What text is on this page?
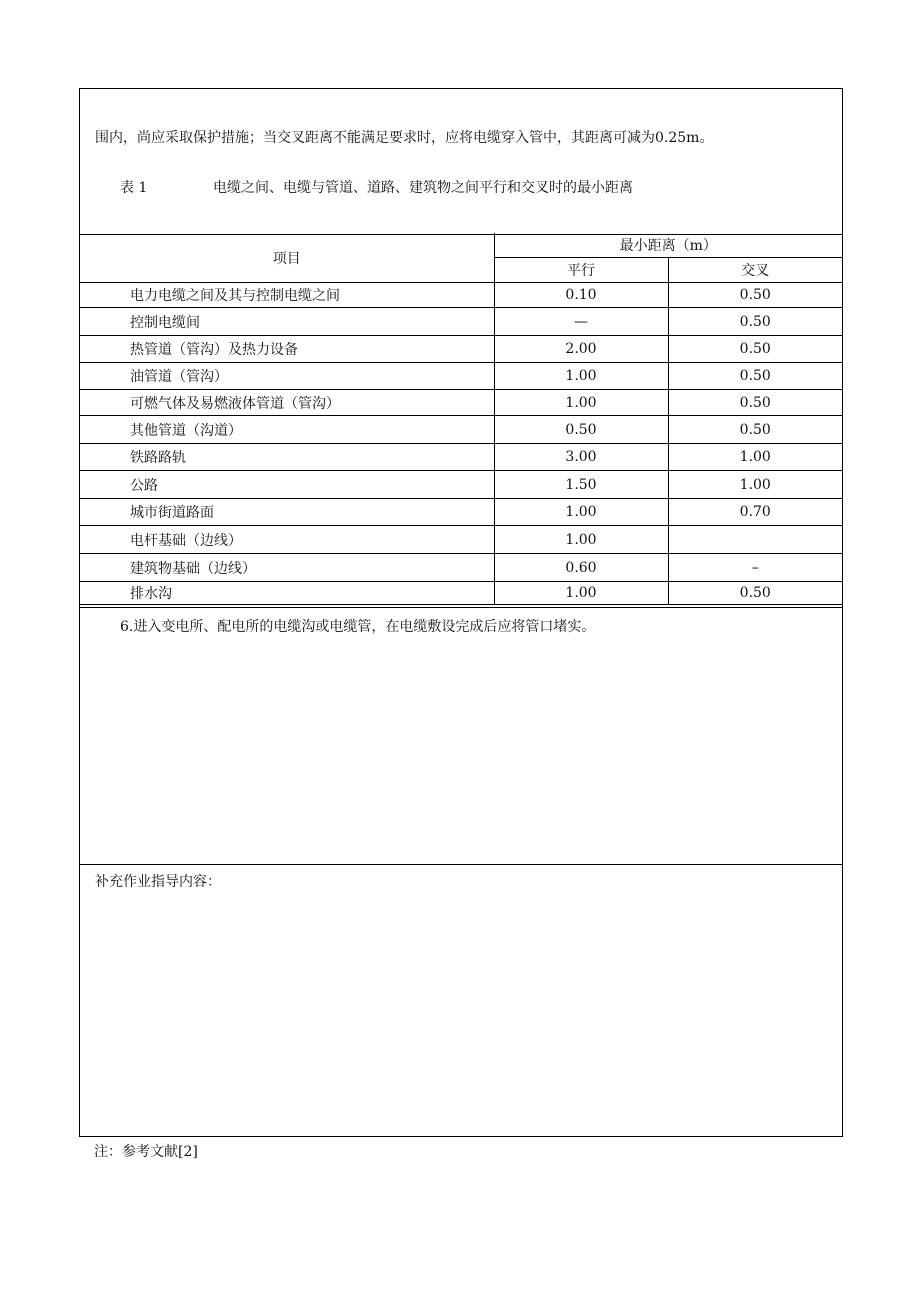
围内，尚应采取保护措施；当交叉距离不能满足要求时，应将电缆穿入管中，其距离可减为0.25m。
表 1	电缆之间、电缆与管道、道路、建筑物之间平行和交叉时的最小距离
项目	最小距离（m）	
	平行	交叉
电力电缆之间及其与控制电缆之间	0.10	0.50
控制电缆间	—	0.50
热管道（管沟）及热力设备	2.00	0.50
油管道（管沟）	1.00	0.50
可燃气体及易燃液体管道（管沟）	1.00	0.50
其他管道（沟道）	0.50	0.50
铁路路轨	3.00	1.00
公路	1.50	1.00
城市街道路面	1.00	0.70
电杆基础（边线）	1.00	
建筑物基础（边线）	0.60	–
排水沟	1.00	0.50
6.进入变电所、配电所的电缆沟或电缆管，在电缆敷设完成后应将管口堵实。
补充作业指导内容：
注：参考文献[2]
